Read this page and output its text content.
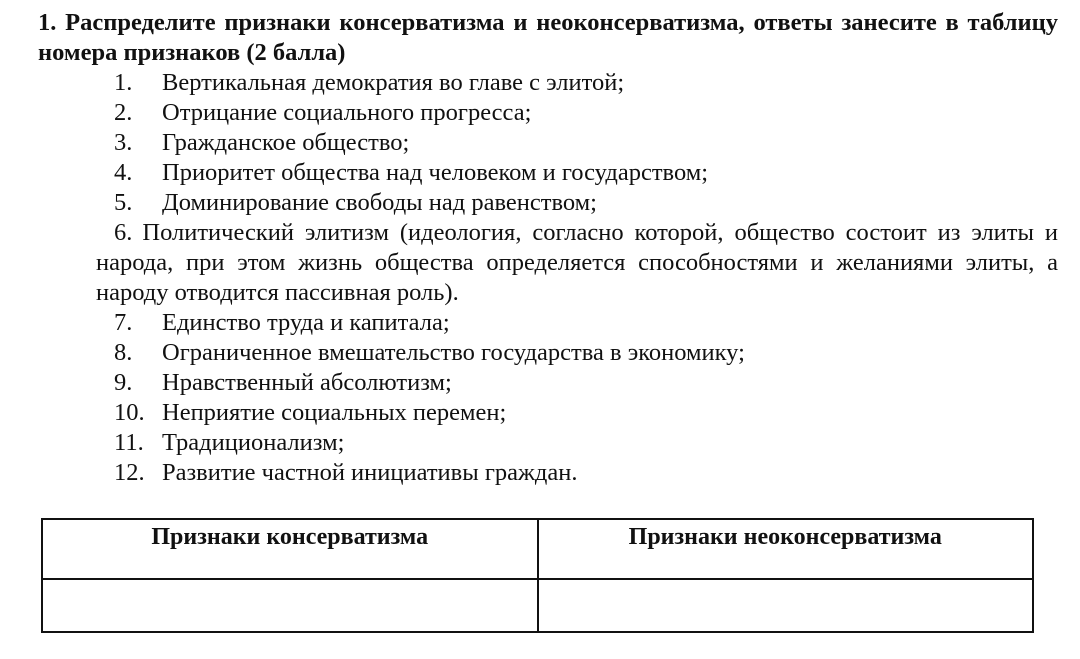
1. Распределите признаки консерватизма и неоконсерватизма, ответы занесите в таблицу номера признаков (2 балла)

1. Вертикальная демократия во главе с элитой;
2. Отрицание социального прогресса;
3. Гражданское общество;
4. Приоритет общества над человеком и государством;
5. Доминирование свободы над равенством;
6. Политический элитизм (идеология, согласно которой, общество состоит из элиты и народа, при этом жизнь общества определяется способностями и желаниями элиты, а народу отводится пассивная роль).
7. Единство труда и капитала;
8. Ограниченное вмешательство государства в экономику;
9. Нравственный абсолютизм;
10. Неприятие социальных перемен;
11. Традиционализм;
12. Развитие частной инициативы граждан.
Признаки консерватизма	Признаки неоконсерватизма
